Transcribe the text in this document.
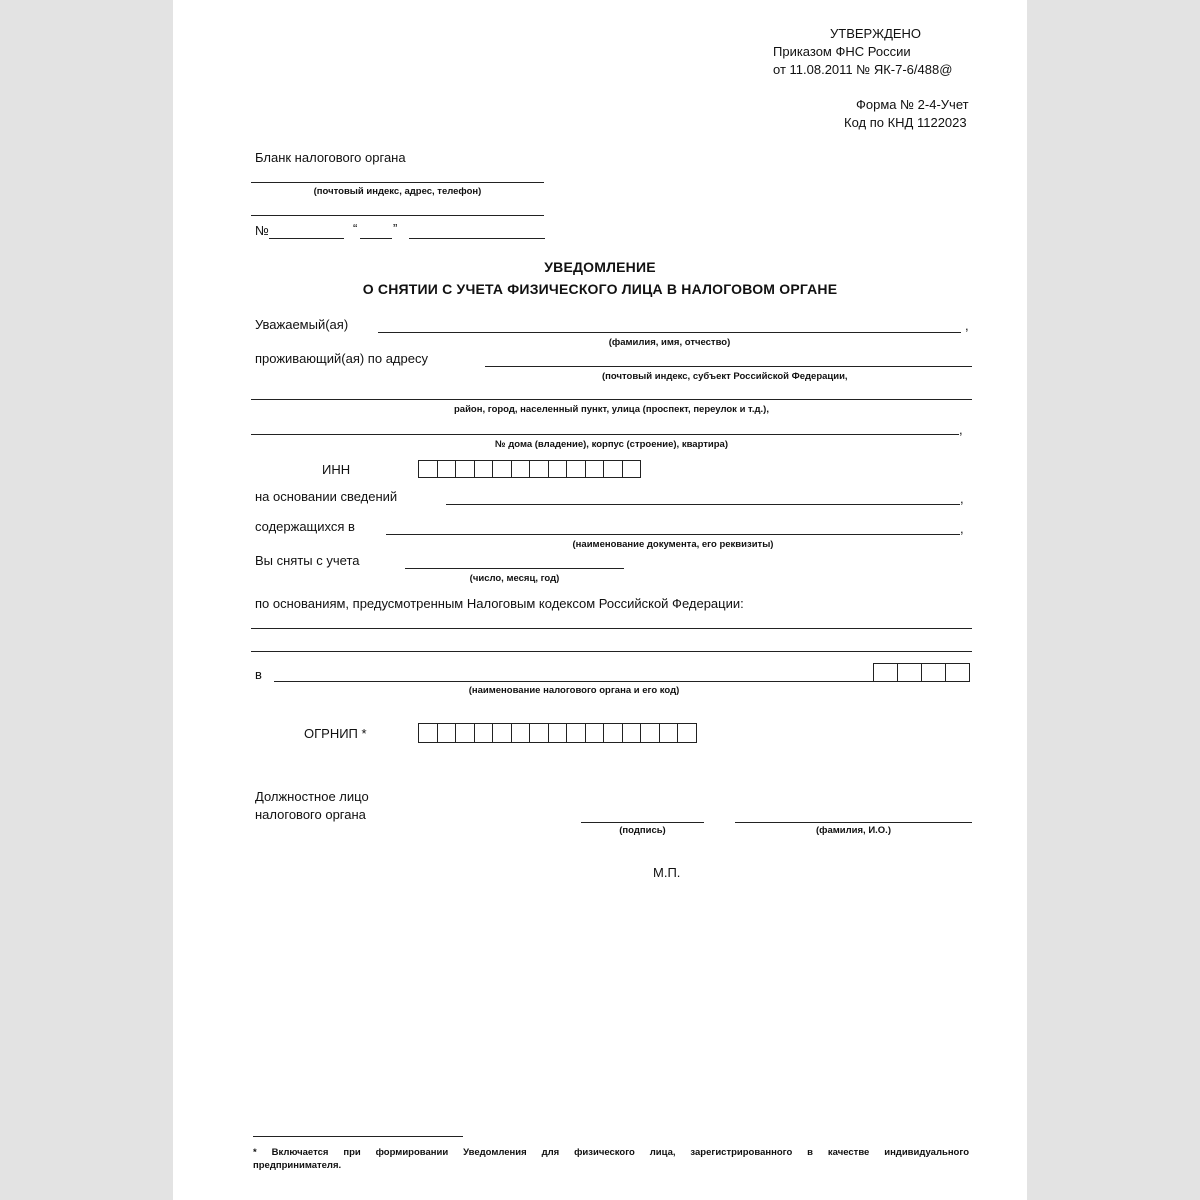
УТВЕРЖДЕНО
Приказом ФНС России
от 11.08.2011 № ЯК-7-6/488@
Форма № 2-4-Учет
Код по КНД 1122023
Бланк налогового органа
(почтовый индекс, адрес, телефон)
№	“	”
УВЕДОМЛЕНИЕ
О СНЯТИИ С УЧЕТА ФИЗИЧЕСКОГО ЛИЦА В НАЛОГОВОМ ОРГАНЕ
Уважаемый(ая)	,
(фамилия, имя, отчество)
проживающий(ая) по адресу
(почтовый индекс, субъект Российской Федерации,
район, город, населенный пункт, улица (проспект, переулок и т.д.),
,
№ дома (владение), корпус (строение), квартира)
ИНН
на основании сведений	,
содержащихся в	,
(наименование документа, его реквизиты)
Вы сняты с учета
(число, месяц, год)
по основаниям, предусмотренным Налоговым кодексом Российской Федерации:
в
(наименование налогового органа и его код)
ОГРНИП *
Должностное лицо
налогового органа
(подпись)	(фамилия, И.О.)
М.П.
* Включается при формировании Уведомления для физического лица, зарегистрированного в качестве индивидуального
предпринимателя.
